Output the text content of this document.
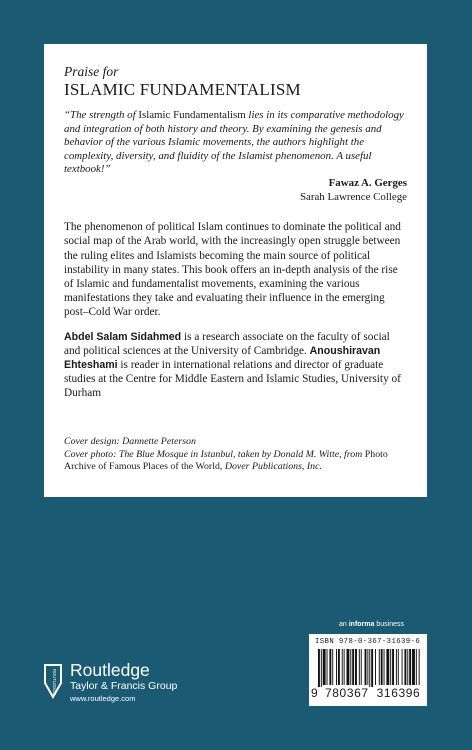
Praise for
ISLAMIC FUNDAMENTALISM
“The strength of Islamic Fundamentalism lies in its comparative methodology and integration of both history and theory. By examining the genesis and behavior of the various Islamic movements, the authors highlight the complexity, diversity, and fluidity of the Islamist phenomenon. A useful textbook!”
Fawaz A. Gerges
Sarah Lawrence College
The phenomenon of political Islam continues to dominate the political and social map of the Arab world, with the increasingly open struggle between the ruling elites and Islamists becoming the main source of political instability in many states. This book offers an in-depth analysis of the rise of Islamic and fundamentalist movements, examining the various manifestations they take and evaluating their influence in the emerging post–Cold War order.
Abdel Salam Sidahmed is a research associate on the faculty of social and political sciences at the University of Cambridge. Anoushiravan Ehteshami is reader in international relations and director of graduate studies at the Centre for Middle Eastern and Islamic Studies, University of Durham
Cover design: Dannette Peterson
Cover photo: The Blue Mosque in Istanbul, taken by Donald M. Witte, from Photo Archive of Famous Places of the World, Dover Publications, Inc.
an informa business
ISBN 978-0-367-31639-6
9 780367 316396
ROUTLEDGE Routledge
Taylor & Francis Group
www.routledge.com
